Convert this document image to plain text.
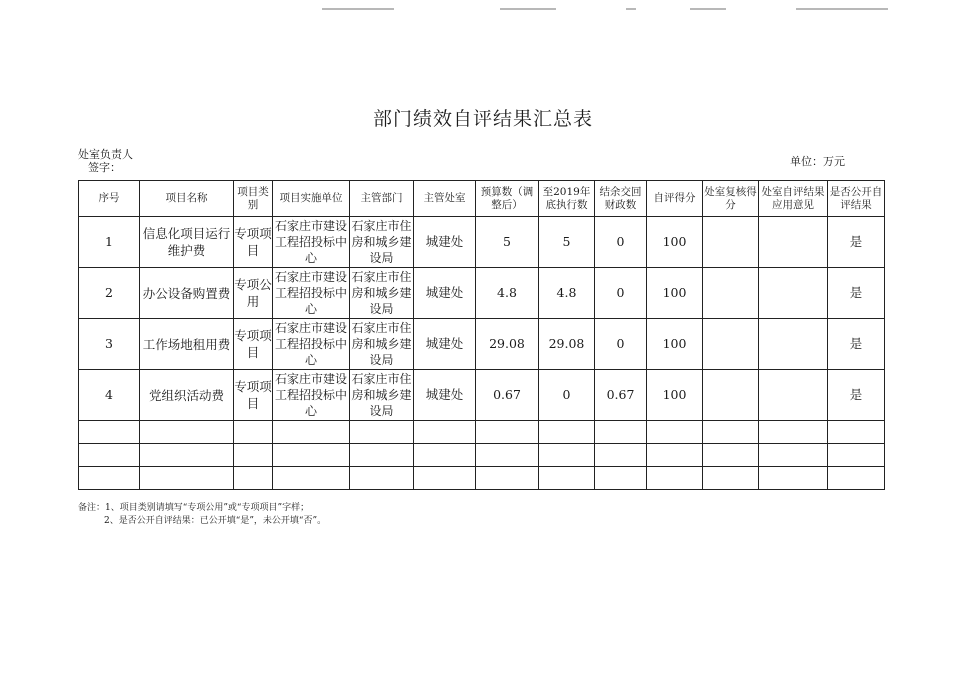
部门绩效自评结果汇总表
处室负责人
签字：	单位：万元
序号	项目名称	项目类别	项目实施单位	主管部门	主管处室	预算数（调整后）	至2019年底执行数	结余交回财政数	自评得分	处室复核得分	处室自评结果应用意见	是否公开自评结果
1	信息化项目运行维护费	专项项目	石家庄市建设工程招投标中心	石家庄市住房和城乡建设局	城建处	5	5	0	100			是
2	办公设备购置费	专项公用	石家庄市建设工程招投标中心	石家庄市住房和城乡建设局	城建处	4.8	4.8	0	100			是
3	工作场地租用费	专项项目	石家庄市建设工程招投标中心	石家庄市住房和城乡建设局	城建处	29.08	29.08	0	100			是
4	党组织活动费	专项项目	石家庄市建设工程招投标中心	石家庄市住房和城乡建设局	城建处	0.67	0	0.67	100			是

备注：1、项目类别请填写“专项公用”或“专项项目”字样；
2、是否公开自评结果：已公开填“是”，未公开填“否”。
